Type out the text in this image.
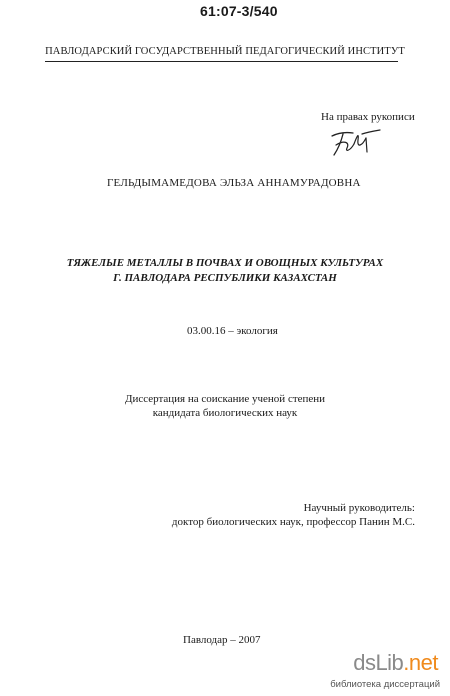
61:07-3/540
ПАВЛОДАРСКИЙ ГОСУДАРСТВЕННЫЙ ПЕДАГОГИЧЕСКИЙ ИНСТИТУТ
На правах рукописи
ГЕЛЬДЫМАМЕДОВА ЭЛЬЗА АННАМУРАДОВНА
ТЯЖЕЛЫЕ МЕТАЛЛЫ В ПОЧВАХ И ОВОЩНЫХ КУЛЬТУРАХ
Г. ПАВЛОДАРА РЕСПУБЛИКИ КАЗАХСТАН
03.00.16 – экология
Диссертация на соискание ученой степени
кандидата биологических наук
Научный руководитель:
доктор биологических наук, профессор Панин М.С.
Павлодар – 2007
dsLib.net
библиотека диссертаций
